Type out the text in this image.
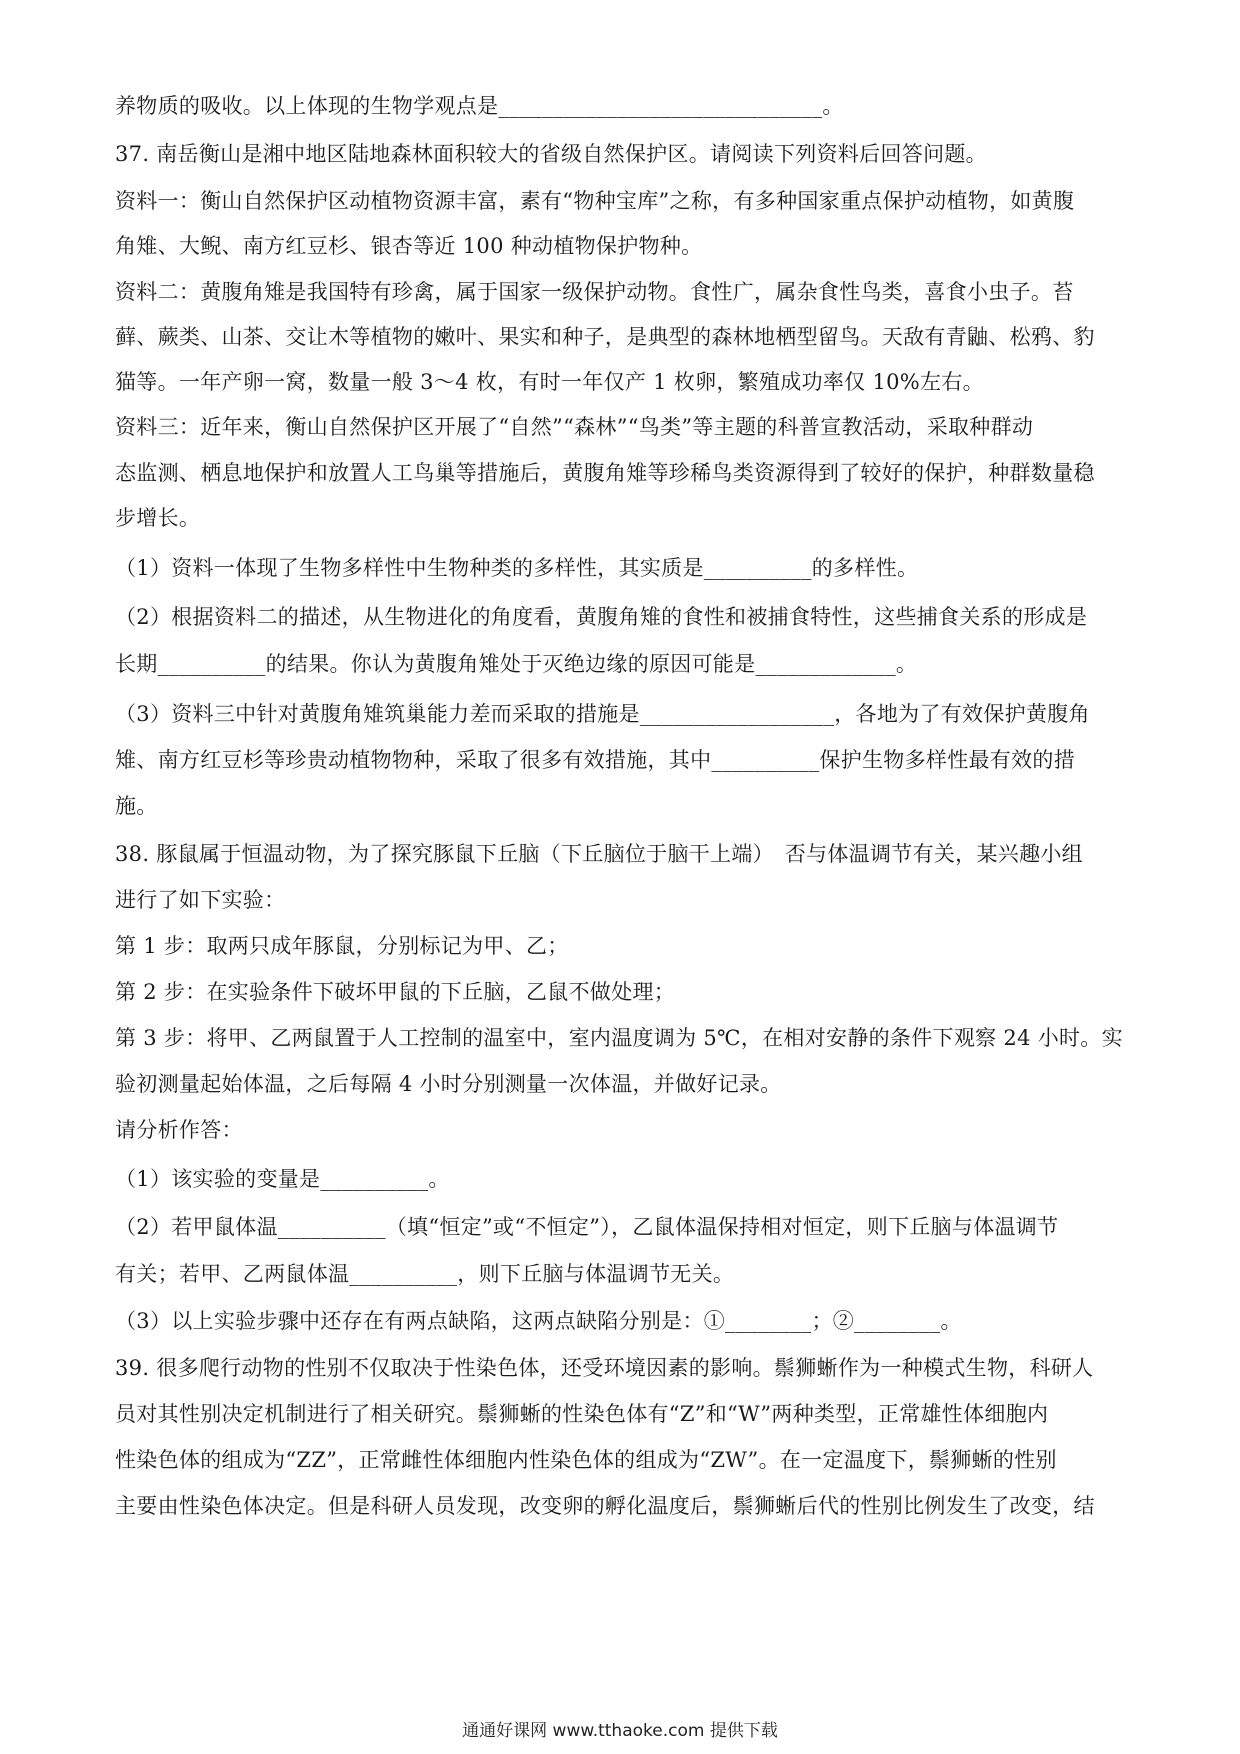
养物质的吸收。以上体现的生物学观点是______________________________。
37. 南岳衡山是湘中地区陆地森林面积较大的省级自然保护区。请阅读下列资料后回答问题。
资料一：衡山自然保护区动植物资源丰富，素有“物种宝库”之称，有多种国家重点保护动植物，如黄腹
角雉、大鲵、南方红豆杉、银杏等近 100 种动植物保护物种。
资料二：黄腹角雉是我国特有珍禽，属于国家一级保护动物。食性广，属杂食性鸟类，喜食小虫子。苔
藓、蕨类、山茶、交让木等植物的嫩叶、果实和种子，是典型的森林地栖型留鸟。天敌有青鼬、松鸦、豹
猫等。一年产卵一窝，数量一般 3～4 枚，有时一年仅产 1 枚卵，繁殖成功率仅 10%左右。
资料三：近年来，衡山自然保护区开展了“自然”“森林”“鸟类”等主题的科普宣教活动，采取种群动
态监测、栖息地保护和放置人工鸟巢等措施后，黄腹角雉等珍稀鸟类资源得到了较好的保护，种群数量稳
步增长。
（1）资料一体现了生物多样性中生物种类的多样性，其实质是__________的多样性。
（2）根据资料二的描述，从生物进化的角度看，黄腹角雉的食性和被捕食特性，这些捕食关系的形成是
长期__________的结果。你认为黄腹角雉处于灭绝边缘的原因可能是_____________。
（3）资料三中针对黄腹角雉筑巢能力差而采取的措施是__________________，各地为了有效保护黄腹角
雉、南方红豆杉等珍贵动植物物种，采取了很多有效措施，其中__________保护生物多样性最有效的措
施。
38. 豚鼠属于恒温动物，为了探究豚鼠下丘脑（下丘脑位于脑干上端）　否与体温调节有关，某兴趣小组
进行了如下实验：
第 1 步：取两只成年豚鼠，分别标记为甲、乙；
第 2 步：在实验条件下破坏甲鼠的下丘脑，乙鼠不做处理；
第 3 步：将甲、乙两鼠置于人工控制的温室中，室内温度调为 5℃，在相对安静的条件下观察 24 小时。实
验初测量起始体温，之后每隔 4 小时分别测量一次体温，并做好记录。
请分析作答：
（1）该实验的变量是__________。
（2）若甲鼠体温__________（填“恒定”或“不恒定”），乙鼠体温保持相对恒定，则下丘脑与体温调节
有关；若甲、乙两鼠体温__________，则下丘脑与体温调节无关。
（3）以上实验步骤中还存在有两点缺陷，这两点缺陷分别是：①________；②________。
39. 很多爬行动物的性别不仅取决于性染色体，还受环境因素的影响。鬃狮蜥作为一种模式生物，科研人
员对其性别决定机制进行了相关研究。鬃狮蜥的性染色体有“Z”和“W”两种类型，正常雄性体细胞内
性染色体的组成为“ZZ”，正常雌性体细胞内性染色体的组成为“ZW”。在一定温度下，鬃狮蜥的性别
主要由性染色体决定。但是科研人员发现，改变卵的孵化温度后，鬃狮蜥后代的性别比例发生了改变，结
通通好课网 www.tthaoke.com 提供下载
